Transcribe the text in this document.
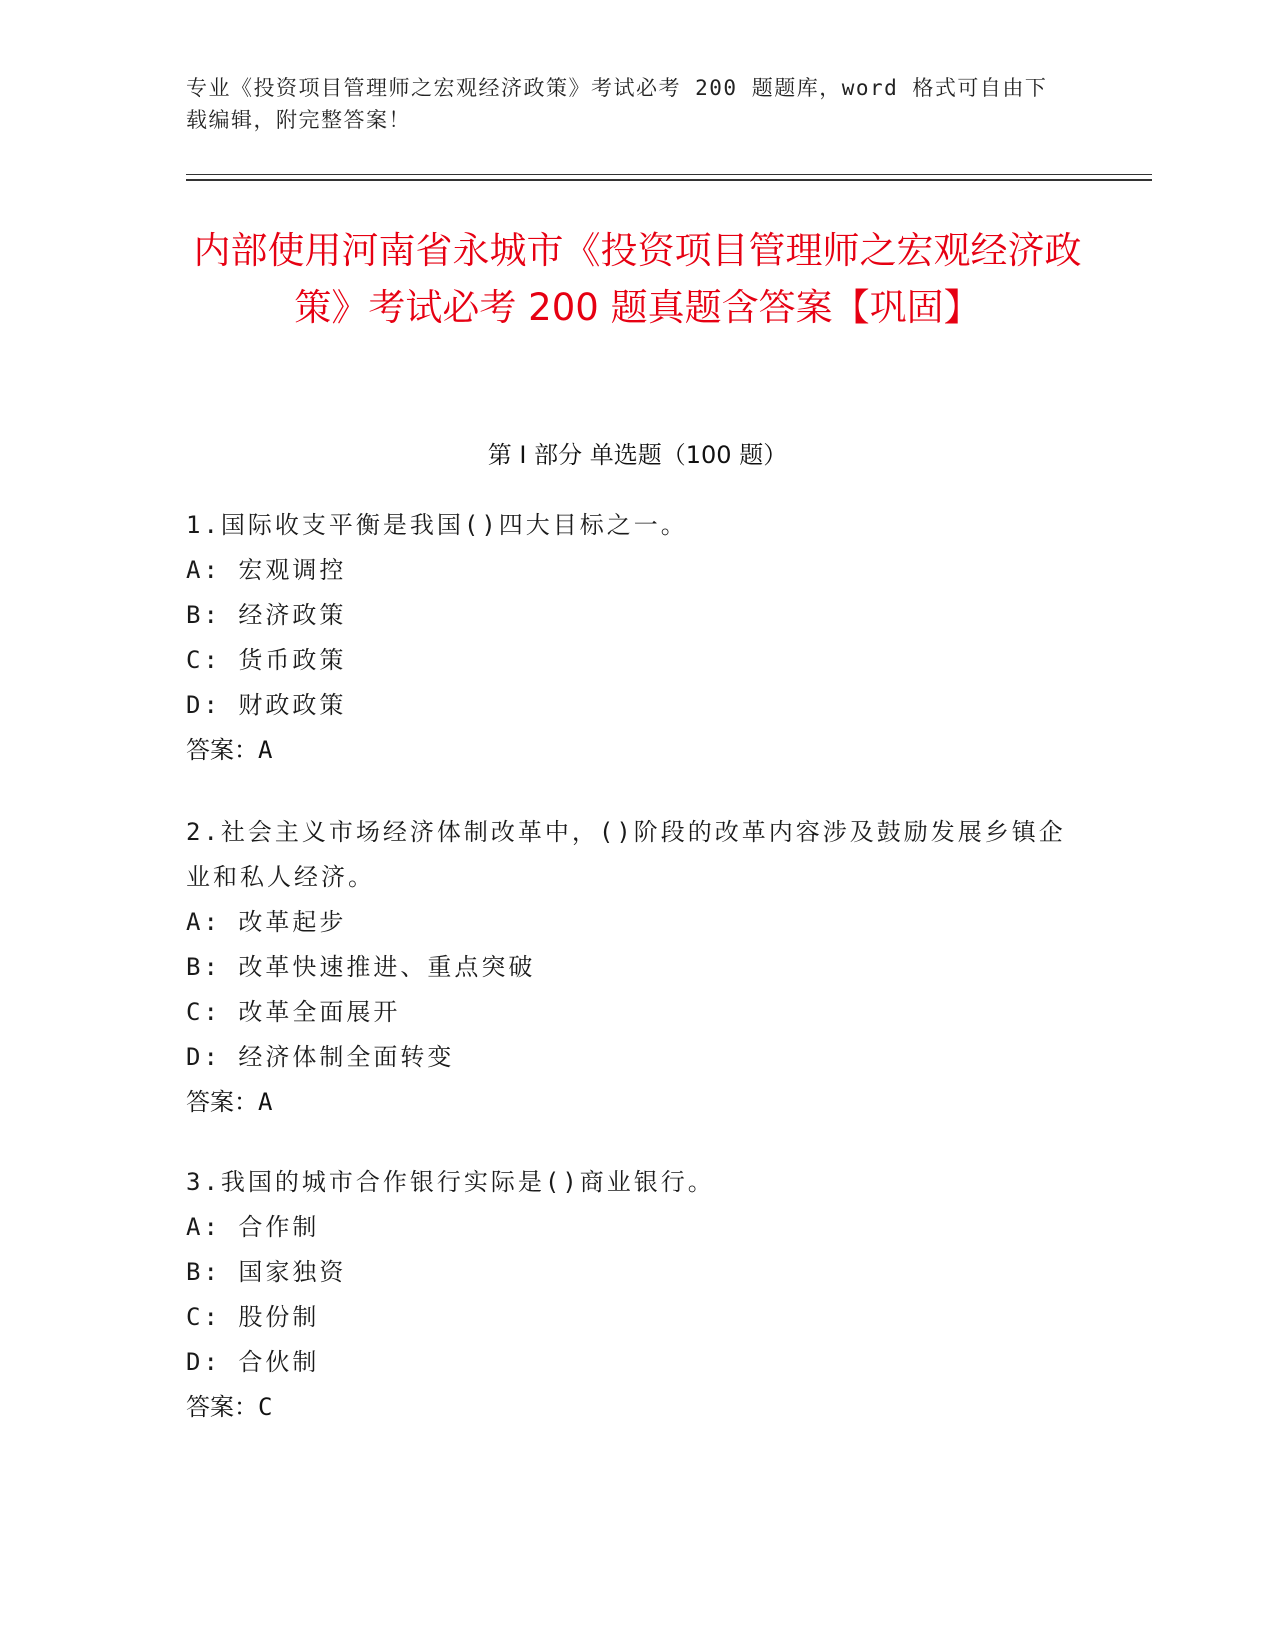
专业《投资项目管理师之宏观经济政策》考试必考 200 题题库，word 格式可自由下载编辑，附完整答案！
内部使用河南省永城市《投资项目管理师之宏观经济政策》考试必考 200 题真题含答案【巩固】
第 I 部分 单选题（100 题）
1.国际收支平衡是我国()四大目标之一。
A: 宏观调控
B: 经济政策
C: 货币政策
D: 财政政策
答案：A
2.社会主义市场经济体制改革中，()阶段的改革内容涉及鼓励发展乡镇企业和私人经济。
A: 改革起步
B: 改革快速推进、重点突破
C: 改革全面展开
D: 经济体制全面转变
答案：A
3.我国的城市合作银行实际是()商业银行。
A: 合作制
B: 国家独资
C: 股份制
D: 合伙制
答案：C
